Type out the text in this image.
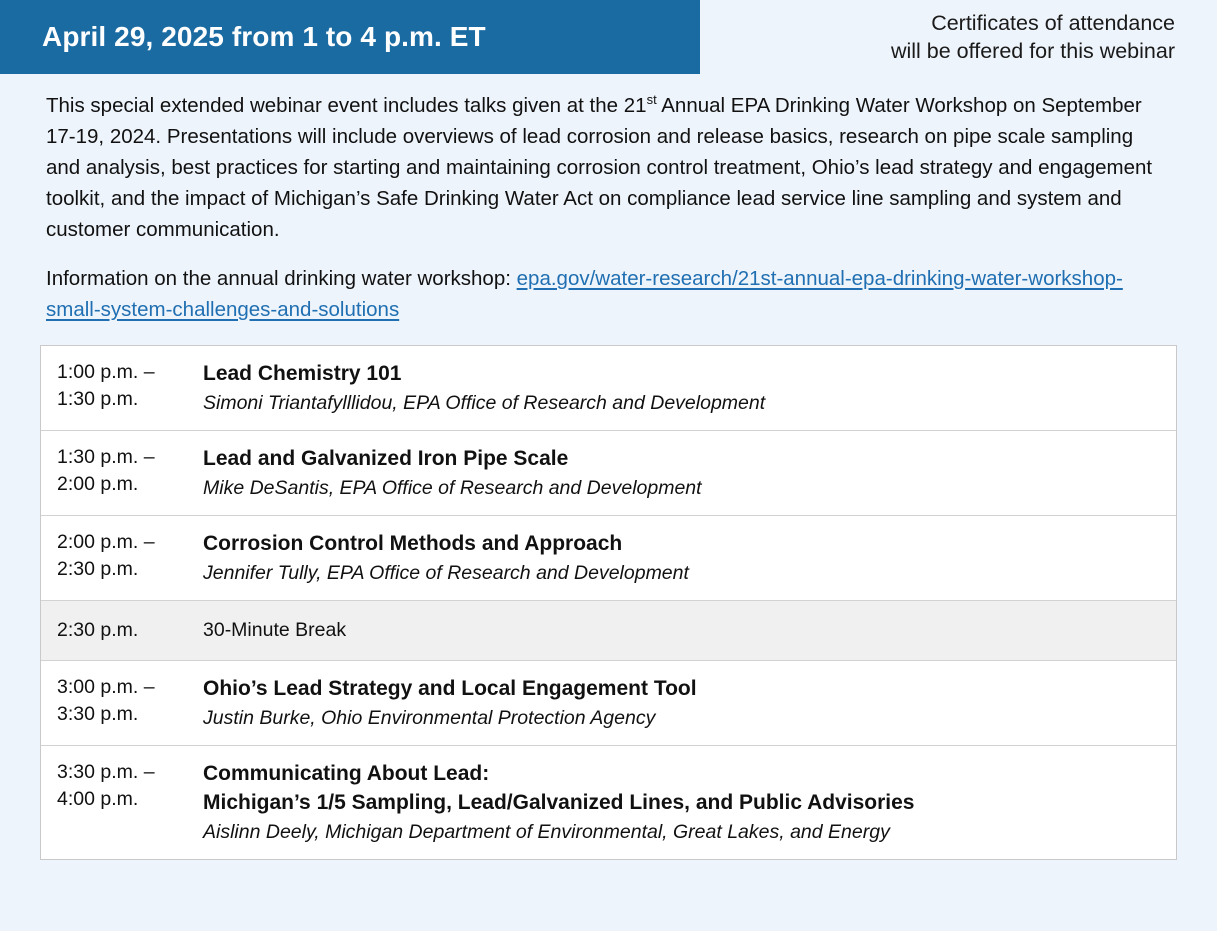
April 29, 2025 from 1 to 4 p.m. ET	Certificates of attendance
will be offered for this webinar

This special extended webinar event includes talks given at the 21st Annual EPA Drinking Water Workshop on September 17-19, 2024. Presentations will include overviews of lead corrosion and release basics, research on pipe scale sampling and analysis, best practices for starting and maintaining corrosion control treatment, Ohio’s lead strategy and engagement toolkit, and the impact of Michigan’s Safe Drinking Water Act on compliance lead service line sampling and system and customer communication.

Information on the annual drinking water workshop: epa.gov/water-research/21st-annual-epa-drinking-water-workshop-small-system-challenges-and-solutions

1:00 p.m. –
1:30 p.m.
Lead Chemistry 101
Simoni Triantafylllidou, EPA Office of Research and Development
1:30 p.m. –
2:00 p.m.
Lead and Galvanized Iron Pipe Scale
Mike DeSantis, EPA Office of Research and Development
2:00 p.m. –
2:30 p.m.
Corrosion Control Methods and Approach
Jennifer Tully, EPA Office of Research and Development
2:30 p.m.	30-Minute Break
3:00 p.m. –
3:30 p.m.
Ohio’s Lead Strategy and Local Engagement Tool
Justin Burke, Ohio Environmental Protection Agency
3:30 p.m. –
4:00 p.m.
Communicating About Lead:
Michigan’s 1/5 Sampling, Lead/Galvanized Lines, and Public Advisories
Aislinn Deely, Michigan Department of Environmental, Great Lakes, and Energy
